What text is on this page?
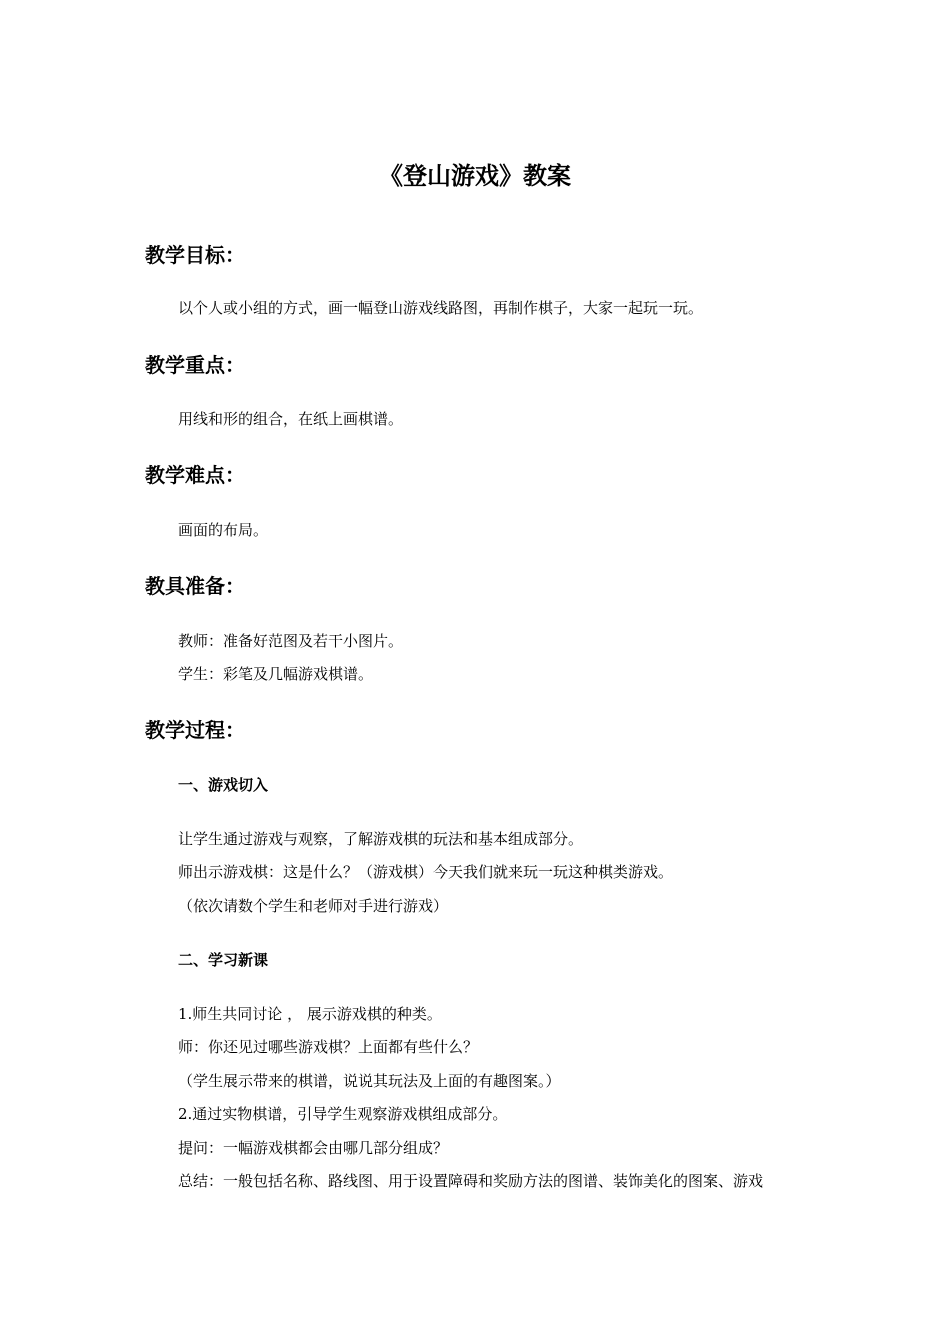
《登山游戏》教案
教学目标：
以个人或小组的方式，画一幅登山游戏线路图，再制作棋子，大家一起玩一玩。
教学重点：
用线和形的组合，在纸上画棋谱。
教学难点：
画面的布局。
教具准备：
教师：准备好范图及若干小图片。
学生：彩笔及几幅游戏棋谱。
教学过程：
一、游戏切入
让学生通过游戏与观察，了解游戏棋的玩法和基本组成部分。
师出示游戏棋：这是什么？（游戏棋）今天我们就来玩一玩这种棋类游戏。
（依次请数个学生和老师对手进行游戏）
二、学习新课
1.师生共同讨论 ， 展示游戏棋的种类。
师：你还见过哪些游戏棋？上面都有些什么？
（学生展示带来的棋谱，说说其玩法及上面的有趣图案。）
2.通过实物棋谱，引导学生观察游戏棋组成部分。
提问：一幅游戏棋都会由哪几部分组成？
总结：一般包括名称、路线图、用于设置障碍和奖励方法的图谱、装饰美化的图案、游戏
